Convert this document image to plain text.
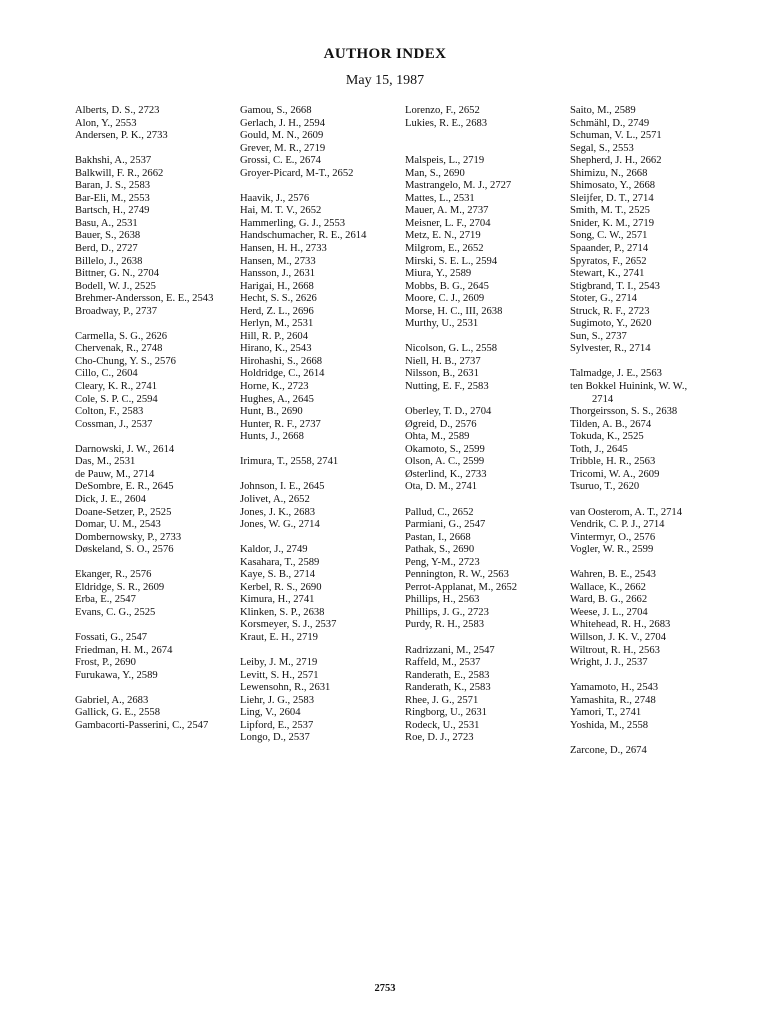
AUTHOR INDEX
May 15, 1987
Alberts, D. S., 2723
Alon, Y., 2553
Andersen, P. K., 2733
Bakhshi, A., 2537
Balkwill, F. R., 2662
Baran, J. S., 2583
Bar-Eli, M., 2553
Bartsch, H., 2749
Basu, A., 2531
Bauer, S., 2638
Berd, D., 2727
Billelo, J., 2638
Bittner, G. N., 2704
Bodell, W. J., 2525
Brehmer-Andersson, E. E., 2543
Broadway, P., 2737
Carmella, S. G., 2626
Chervenak, R., 2748
Cho-Chung, Y. S., 2576
Cillo, C., 2604
Cleary, K. R., 2741
Cole, S. P. C., 2594
Colton, F., 2583
Cossman, J., 2537
Darnowski, J. W., 2614
Das, M., 2531
de Pauw, M., 2714
DeSombre, E. R., 2645
Dick, J. E., 2604
Doane-Setzer, P., 2525
Domar, U. M., 2543
Dombernowsky, P., 2733
Døskeland, S. O., 2576
Ekanger, R., 2576
Eldridge, S. R., 2609
Erba, E., 2547
Evans, C. G., 2525
Fossati, G., 2547
Friedman, H. M., 2674
Frost, P., 2690
Furukawa, Y., 2589
Gabriel, A., 2683
Gallick, G. E., 2558
Gambacorti-Passerini, C., 2547
Gamou, S., 2668
Gerlach, J. H., 2594
Gould, M. N., 2609
Grever, M. R., 2719
Grossi, C. E., 2674
Groyer-Picard, M-T., 2652
Haavik, J., 2576
Hai, M. T. V., 2652
Hammerling, G. J., 2553
Handschumacher, R. E., 2614
Hansen, H. H., 2733
Hansen, M., 2733
Hansson, J., 2631
Harigai, H., 2668
Hecht, S. S., 2626
Herd, Z. L., 2696
Herlyn, M., 2531
Hill, R. P., 2604
Hirano, K., 2543
Hirohashi, S., 2668
Holdridge, C., 2614
Horne, K., 2723
Hughes, A., 2645
Hunt, B., 2690
Hunter, R. F., 2737
Hunts, J., 2668
Irimura, T., 2558, 2741
Johnson, I. E., 2645
Jolivet, A., 2652
Jones, J. K., 2683
Jones, W. G., 2714
Kaldor, J., 2749
Kasahara, T., 2589
Kaye, S. B., 2714
Kerbel, R. S., 2690
Kimura, H., 2741
Klinken, S. P., 2638
Korsmeyer, S. J., 2537
Kraut, E. H., 2719
Leiby, J. M., 2719
Levitt, S. H., 2571
Lewensohn, R., 2631
Liehr, J. G., 2583
Ling, V., 2604
Lipford, E., 2537
Longo, D., 2537
Lorenzo, F., 2652
Lukies, R. E., 2683
Malspeis, L., 2719
Man, S., 2690
Mastrangelo, M. J., 2727
Mattes, L., 2531
Mauer, A. M., 2737
Meisner, L. F., 2704
Metz, E. N., 2719
Milgrom, E., 2652
Mirski, S. E. L., 2594
Miura, Y., 2589
Mobbs, B. G., 2645
Moore, C. J., 2609
Morse, H. C., III, 2638
Murthy, U., 2531
Nicolson, G. L., 2558
Niell, H. B., 2737
Nilsson, B., 2631
Nutting, E. F., 2583
Oberley, T. D., 2704
Øgreid, D., 2576
Ohta, M., 2589
Okamoto, S., 2599
Olson, A. C., 2599
Østerlind, K., 2733
Ota, D. M., 2741
Pallud, C., 2652
Parmiani, G., 2547
Pastan, I., 2668
Pathak, S., 2690
Peng, Y-M., 2723
Pennington, R. W., 2563
Perrot-Applanat, M., 2652
Phillips, H., 2563
Phillips, J. G., 2723
Purdy, R. H., 2583
Radrizzani, M., 2547
Raffeld, M., 2537
Randerath, E., 2583
Randerath, K., 2583
Rhee, J. G., 2571
Ringborg, U., 2631
Rodeck, U., 2531
Roe, D. J., 2723
Saito, M., 2589
Schmähl, D., 2749
Schuman, V. L., 2571
Segal, S., 2553
Shepherd, J. H., 2662
Shimizu, N., 2668
Shimosato, Y., 2668
Sleijfer, D. T., 2714
Smith, M. T., 2525
Snider, K. M., 2719
Song, C. W., 2571
Spaander, P., 2714
Spyratos, F., 2652
Stewart, K., 2741
Stigbrand, T. I., 2543
Stoter, G., 2714
Struck, R. F., 2723
Sugimoto, Y., 2620
Sun, S., 2737
Sylvester, R., 2714
Talmadge, J. E., 2563
ten Bokkel Huinink, W. W.,
2714
Thorgeirsson, S. S., 2638
Tilden, A. B., 2674
Tokuda, K., 2525
Toth, J., 2645
Tribble, H. R., 2563
Tricomi, W. A., 2609
Tsuruo, T., 2620
van Oosterom, A. T., 2714
Vendrik, C. P. J., 2714
Vintermyr, O., 2576
Vogler, W. R., 2599
Wahren, B. E., 2543
Wallace, K., 2662
Ward, B. G., 2662
Weese, J. L., 2704
Whitehead, R. H., 2683
Willson, J. K. V., 2704
Wiltrout, R. H., 2563
Wright, J. J., 2537
Yamamoto, H., 2543
Yamashita, R., 2748
Yamori, T., 2741
Yoshida, M., 2558
Zarcone, D., 2674
2753
